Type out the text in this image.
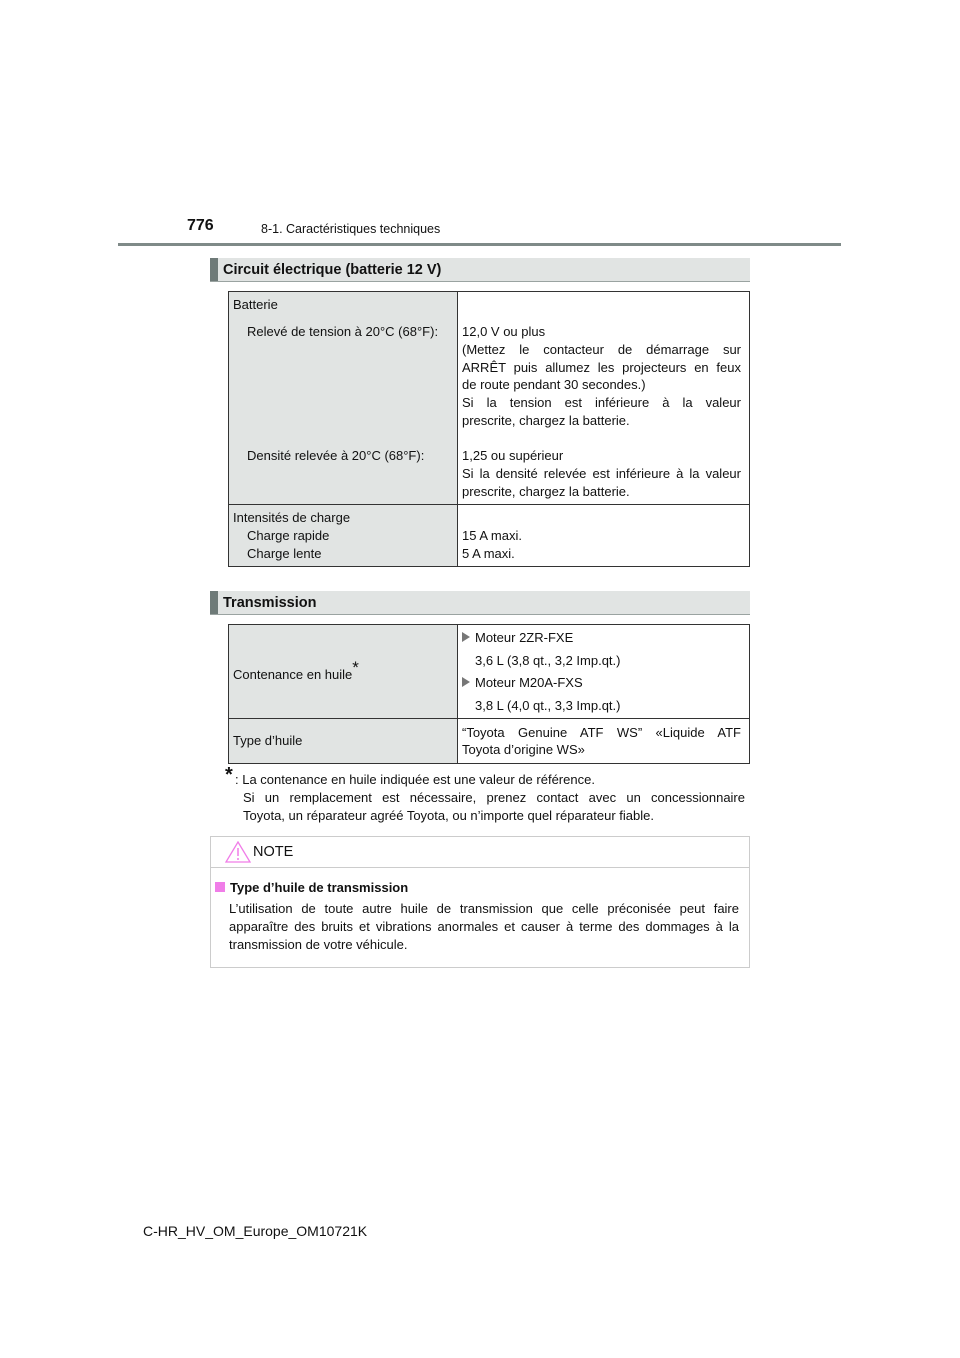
776	8-1. Caractéristiques techniques
Circuit électrique (batterie 12 V)
Batterie
Relevé de tension à 20°C (68°F): 12,0 V ou plus
(Mettez le contacteur de démarrage sur
ARRÊT puis allumez les projecteurs en feux
de route pendant 30 secondes.)
Si la tension est inférieure à la valeur
prescrite, chargez la batterie.
Densité relevée à 20°C (68°F):	1,25 ou supérieur
Si la densité relevée est inférieure à la valeur
prescrite, chargez la batterie.
Intensités de charge
Charge rapide
Charge lente
15 A maxi.
5 A maxi.
Transmission
Contenance en huile*
Moteur 2ZR-FXE
3,6 L (3,8 qt., 3,2 Imp.qt.)
Moteur M20A-FXS
3,8 L (4,0 qt., 3,3 Imp.qt.)
Type d’huile
“Toyota Genuine ATF WS” «Liquide ATF
Toyota d’origine WS»
* : La contenance en huile indiquée est une valeur de référence.
Si un remplacement est nécessaire, prenez contact avec un concessionnaire
Toyota, un réparateur agréé Toyota, ou n’importe quel réparateur fiable.
NOTE
Type d’huile de transmission
L’utilisation de toute autre huile de transmission que celle préconisée peut faire
apparaître des bruits et vibrations anormales et causer à terme des dommages à la
transmission de votre véhicule.
C-HR_HV_OM_Europe_OM10721K
